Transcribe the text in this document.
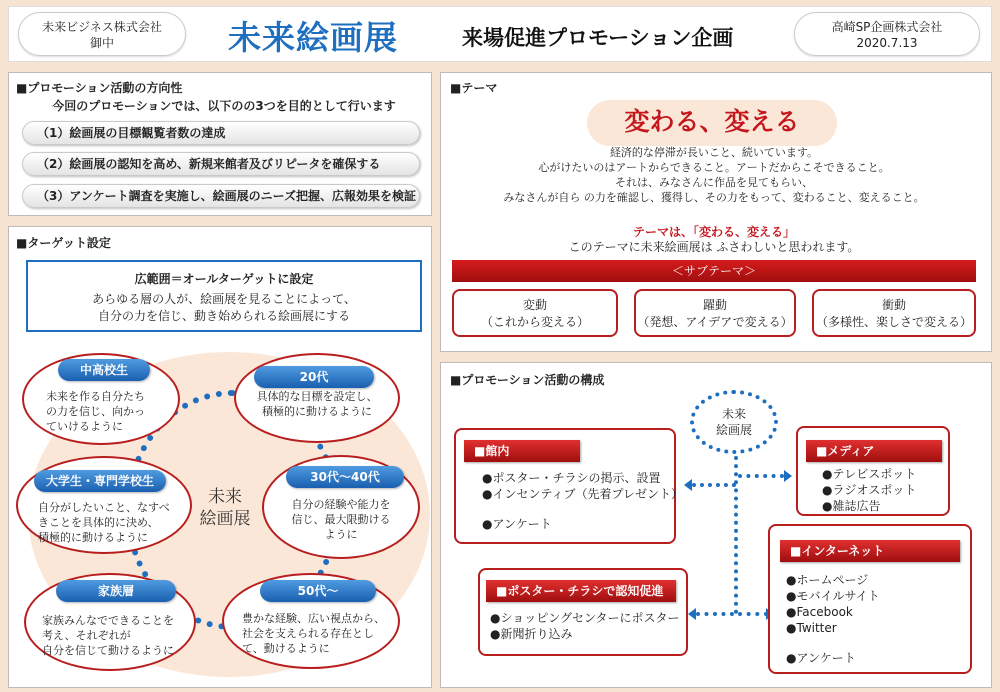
未来ビジネス株式会社
御中	未来絵画展	来場促進プロモーション企画	高崎SP企画株式会社
2020.7.13
■プロモーション活動の方向性
今回のプロモーションでは、以下のの3つを目的として行います
（1）絵画展の目標観覧者数の達成
（2）絵画展の認知を高め、新規来館者及びリピータを確保する
（3）アンケート調査を実施し、絵画展のニーズ把握、広報効果を検証
■ターゲット設定
広範囲＝オールターゲットに設定
あらゆる層の人が、絵画展を見ることによって、
自分の力を信じ、動き始められる絵画展にする
未来
絵画展
未来を作る自分たち
の力を信じ、向かっ
ていけるように
中高校生
具体的な目標を設定し、
積極的に動けるように
20代
自分がしたいこと、なすべ
きことを具体的に決め、
積極的に動けるように
大学生・専門学校生
自分の経験や能力を
信じ、最大限動ける
ように
30代〜40代
家族みんなでできることを
考え、それぞれが
自分を信じて動けるように
家族層
豊かな経験、広い視点から、
社会を支えられる存在とし
て、動けるように
50代〜
■テーマ
変わる、変える
経済的な停滞が長いこと、続いています。
心がけたいのはアートからできること。アートだからこそできること。
それは、みなさんに作品を見てもらい、
みなさんが自ら の力を確認し、獲得し、その力をもって、変わること、変えること。
テーマは、「変わる、変える」
このテーマに未来絵画展は ふさわしいと思われます。
＜サブテーマ＞
変動
（これから変える）
躍動
（発想、アイデアで変える）
衝動
（多様性、楽しさで変える）
■プロモーション活動の構成
未来
絵画展
■館内
●ポスター・チラシの掲示、設置
●インセンティブ（先着プレゼント）
●アンケート
■メディア
●テレビスポット
●ラジオスポット
●雑誌広告
■インターネット
●ホームページ
●モバイルサイト
●Facebook
●Twitter
●アンケート
■ポスター・チラシで認知促進
●ショッピングセンターにポスター
●新聞折り込み
